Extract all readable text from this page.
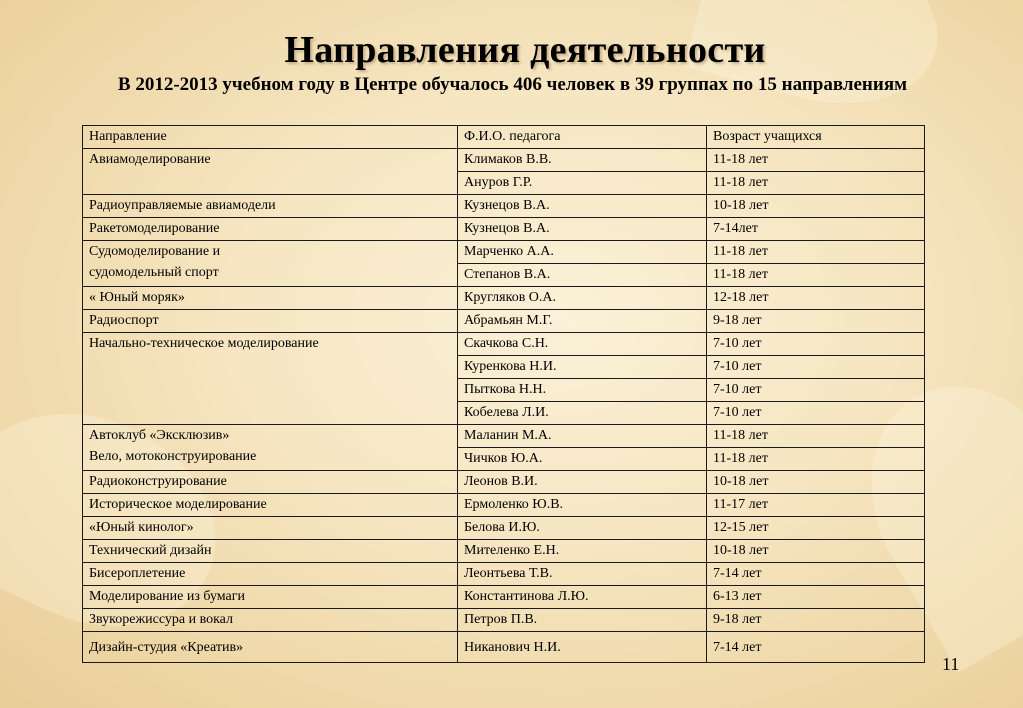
Направления деятельности
В 2012-2013 учебном году в Центре обучалось 406 человек в 39 группах по 15 направлениям
Направление	Ф.И.О. педагога	Возраст учащихся

Авиамоделирование	Климаков В.В.	11-18 лет
	Ануров Г.Р.	11-18 лет

Радиоуправляемые авиамодели	Кузнецов В.А.	10-18 лет

Ракетомоделирование	Кузнецов В.А.	7-14лет

Судомоделирование и
судомодельный спорт	Марченко А.А.	11-18 лет
	Степанов В.А.	11-18 лет

« Юный моряк»	Кругляков О.А.	12-18 лет

Радиоспорт	Абрамьян М.Г.	9-18 лет

Начально-техническое моделирование	Скачкова С.Н.	7-10 лет
	Куренкова Н.И.	7-10 лет
	Пыткова Н.Н.	7-10 лет
	Кобелева Л.И.	7-10 лет

Автоклуб «Эксклюзив»
Вело, мотоконструирование	Маланин М.А.	11-18 лет
	Чичков Ю.А.	11-18 лет

Радиоконструирование	Леонов В.И.	10-18 лет

Историческое моделирование	Ермоленко Ю.В.	11-17 лет

«Юный кинолог»	Белова И.Ю.	12-15 лет

Технический дизайн	Мителенко Е.Н.	10-18 лет

Бисероплетение	Леонтьева Т.В.	7-14 лет

Моделирование из бумаги	Константинова Л.Ю.	6-13 лет

Звукорежиссура и вокал	Петров П.В.	9-18 лет

Дизайн-студия «Креатив»	Никанович Н.И.	7-14 лет
11
